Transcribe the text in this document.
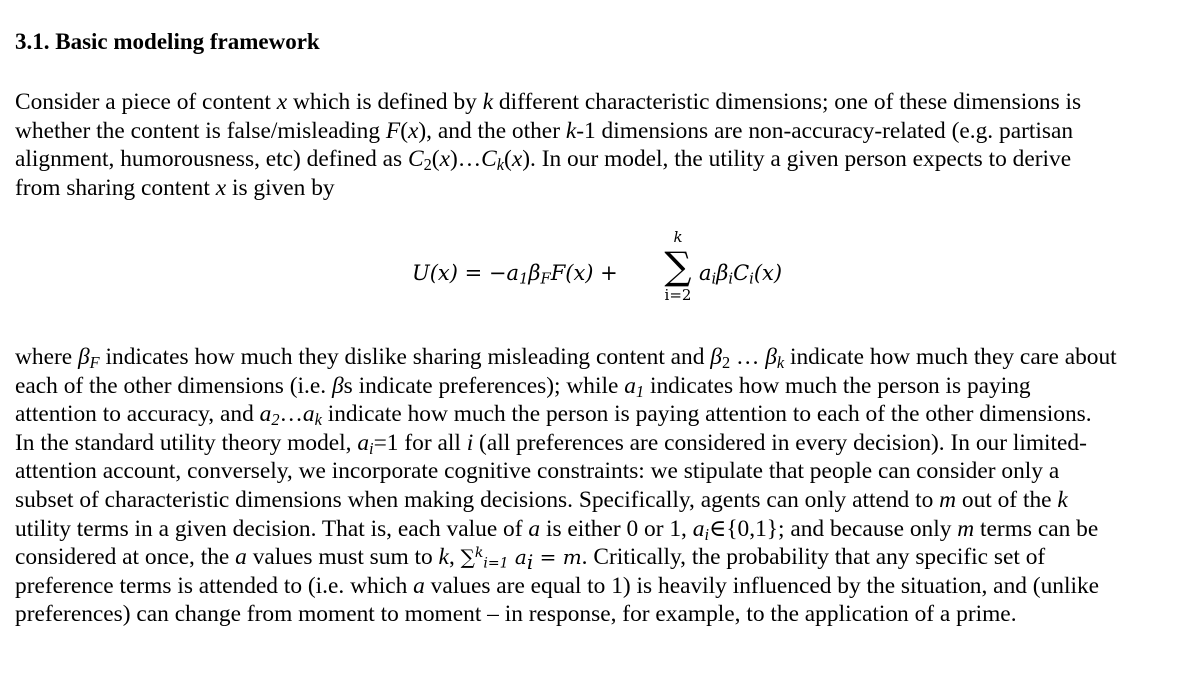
3.1. Basic modeling framework
Consider a piece of content x which is defined by k different characteristic dimensions; one of these dimensions is
whether the content is false/misleading F(x), and the other k-1 dimensions are non-accuracy-related (e.g. partisan
alignment, humorousness, etc) defined as $C_2(x)\dots C_k(x)$. In our model, the utility a given person expects to derive
from sharing content x is given by
$U(x) = -a_1\beta_FF(x)$ +
k
∑
i=2
$a_i\beta_iC_i(x)$
where $\beta_F$ indicates how much they dislike sharing misleading content and $\beta_2$ … $\beta_k$ indicate how much they care about
each of the other dimensions (i.e. βs indicate preferences); while $a_1$ indicates how much the person is paying
attention to accuracy, and $a_2\dots a_k$ indicate how much the person is paying attention to each of the other dimensions.
In the standard utility theory model, $a_i=1$ for all i (all preferences are considered in every decision). In our limited-
attention account, conversely, we incorporate cognitive constraints: we stipulate that people can consider only a
subset of characteristic dimensions when making decisions. Specifically, agents can only attend to m out of the k
utility terms in a given decision. That is, each value of a is either 0 or 1, $a_i\in\{0,1\}$; and because only m terms can be
considered at once, the a values must sum to k, ∑$^k_{i=1}$ $a_i = m$. Critically, the probability that any specific set of
preference terms is attended to (i.e. which a values are equal to 1) is heavily influenced by the situation, and (unlike
preferences) can change from moment to moment – in response, for example, to the application of a prime.
